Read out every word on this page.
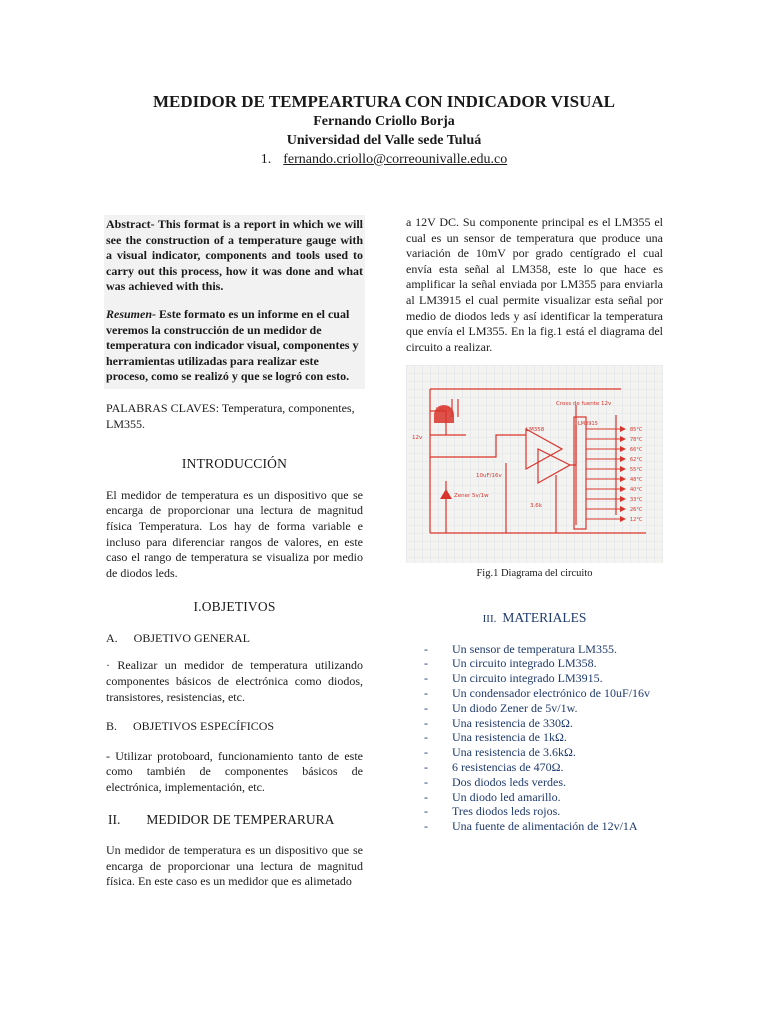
MEDIDOR DE TEMPEARTURA CON INDICADOR VISUAL
Fernando Criollo Borja
Universidad del Valle sede Tuluá
1. fernando.criollo@correounivalle.edu.co

Abstract- This format is a report in which we will see the construction of a temperature gauge with a visual indicator, components and tools used to carry out this process, how it was done and what was achieved with this.

Resumen- Este formato es un informe en el cual veremos la construcción de un medidor de temperatura con indicador visual, componentes y herramientas utilizadas para realizar este proceso, como se realizó y que se logró con esto.

PALABRAS CLAVES: Temperatura, componentes, LM355.

INTRODUCCIÓN

El medidor de temperatura es un dispositivo que se encarga de proporcionar una lectura de magnitud física Temperatura. Los hay de forma variable e incluso para diferenciar rangos de valores, en este caso el rango de temperatura se visualiza por medio de diodos leds.

I.OBJETIVOS
A. OBJETIVO GENERAL

· Realizar un medidor de temperatura utilizando componentes básicos de electrónica como diodos, transistores, resistencias, etc.

B. OBJETIVOS ESPECÍFICOS

- Utilizar protoboard, funcionamiento tanto de este como también de componentes básicos de electrónica, implementación, etc.

II. MEDIDOR DE TEMPERARURA

Un medidor de temperatura es un dispositivo que se encarga de proporcionar una lectura de magnitud física. En este caso es un medidor que es alimetado

a 12V DC. Su componente principal es el LM355 el cual es un sensor de temperatura que produce una variación de 10mV por grado centígrado el cual envía esta señal al LM358, este lo que hace es amplificar la señal enviada por LM355 para enviarla al LM3915 el cual permite visualizar esta señal por medio de diodos leds y así identificar la temperatura que envía el LM355. En la fig.1 está el diagrama del circuito a realizar.

LM35
LM358
LM3915
12v
Cross de fuente 12v
Zener 5v/1w
10uF/16v
3.6k
85°C
78°C
66°C
62°C
55°C
48°C
40°C
33°C
26°C
12°C
Fig.1 Diagrama del circuito
III. MATERIALES
-	Un sensor de temperatura LM355.
-	Un circuito integrado LM358.
-	Un circuito integrado LM3915.
-	Un condensador electrónico de 10uF/16v
-	Un diodo Zener de 5v/1w.
-	Una resistencia de 330Ω.
-	Una resistencia de 1kΩ.
-	Una resistencia de 3.6kΩ.
-	6 resistencias de 470Ω.
-	Dos diodos leds verdes.
-	Un diodo led amarillo.
-	Tres diodos leds rojos.
-	Una fuente de alimentación de 12v/1A
